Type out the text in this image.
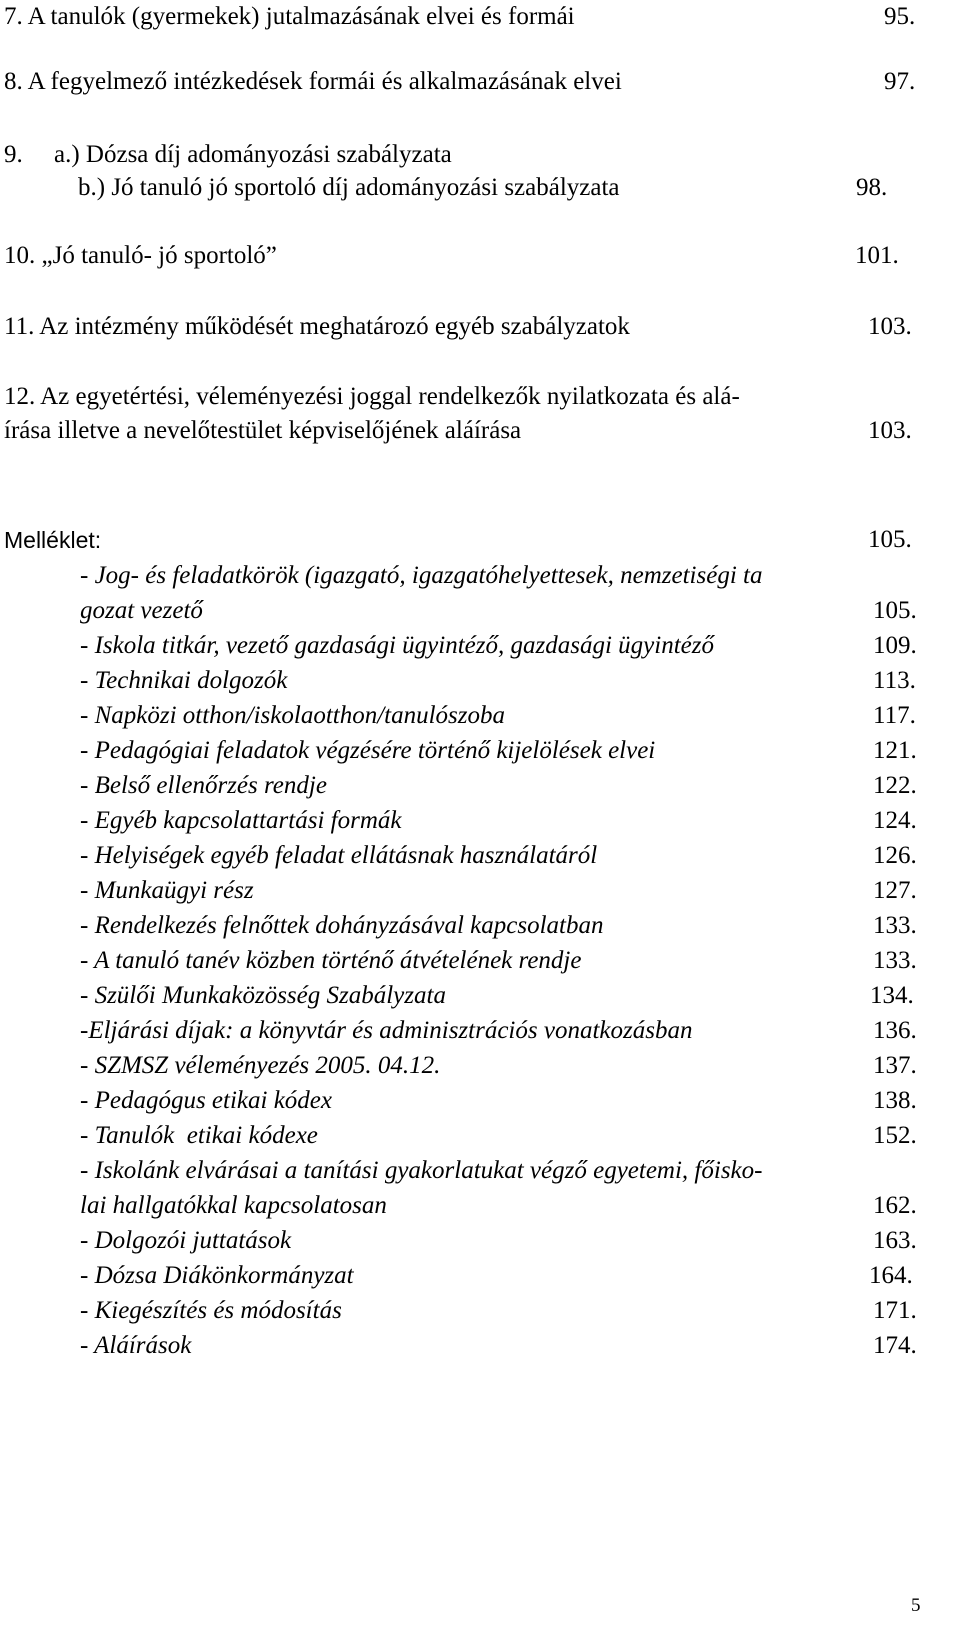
7. A tanulók (gyermekek) jutalmazásának elvei és formái	95.
8. A fegyelmező intézkedések formái és alkalmazásának elvei	97.
9.     a.) Dózsa díj adományozási szabályzata
b.) Jó tanuló jó sportoló díj adományozási szabályzata	98.
10. „Jó tanuló- jó sportoló”	101.
11. Az intézmény működését meghatározó egyéb szabályzatok	103.
12. Az egyetértési, véleményezési joggal rendelkezők nyilatkozata és alá-
írása illetve a nevelőtestület képviselőjének aláírása	103.
Melléklet:	105.
- Jog- és feladatkörök (igazgató, igazgatóhelyettesek, nemzetiségi ta
gozat vezető	105.
- Iskola titkár, vezető gazdasági ügyintéző, gazdasági ügyintéző	109.
- Technikai dolgozók	113.
- Napközi otthon/iskolaotthon/tanulószoba	117.
- Pedagógiai feladatok végzésére történő kijelölések elvei	121.
- Belső ellenőrzés rendje	122.
- Egyéb kapcsolattartási formák	124.
- Helyiségek egyéb feladat ellátásnak használatáról	126.
- Munkaügyi rész	127.
- Rendelkezés felnőttek dohányzásával kapcsolatban	133.
- A tanuló tanév közben történő átvételének rendje	133.
- Szülői Munkaközösség Szabályzata	134.
-Eljárási díjak: a könyvtár és adminisztrációs vonatkozásban	136.
- SZMSZ véleményezés 2005. 04.12.	137.
- Pedagógus etikai kódex	138.
- Tanulók  etikai kódexe	152.
- Iskolánk elvárásai a tanítási gyakorlatukat végző egyetemi, főisko-
lai hallgatókkal kapcsolatosan	162.
- Dolgozói juttatások	163.
- Dózsa Diákönkormányzat	164.
- Kiegészítés és módosítás	171.
- Aláírások	174.
5
